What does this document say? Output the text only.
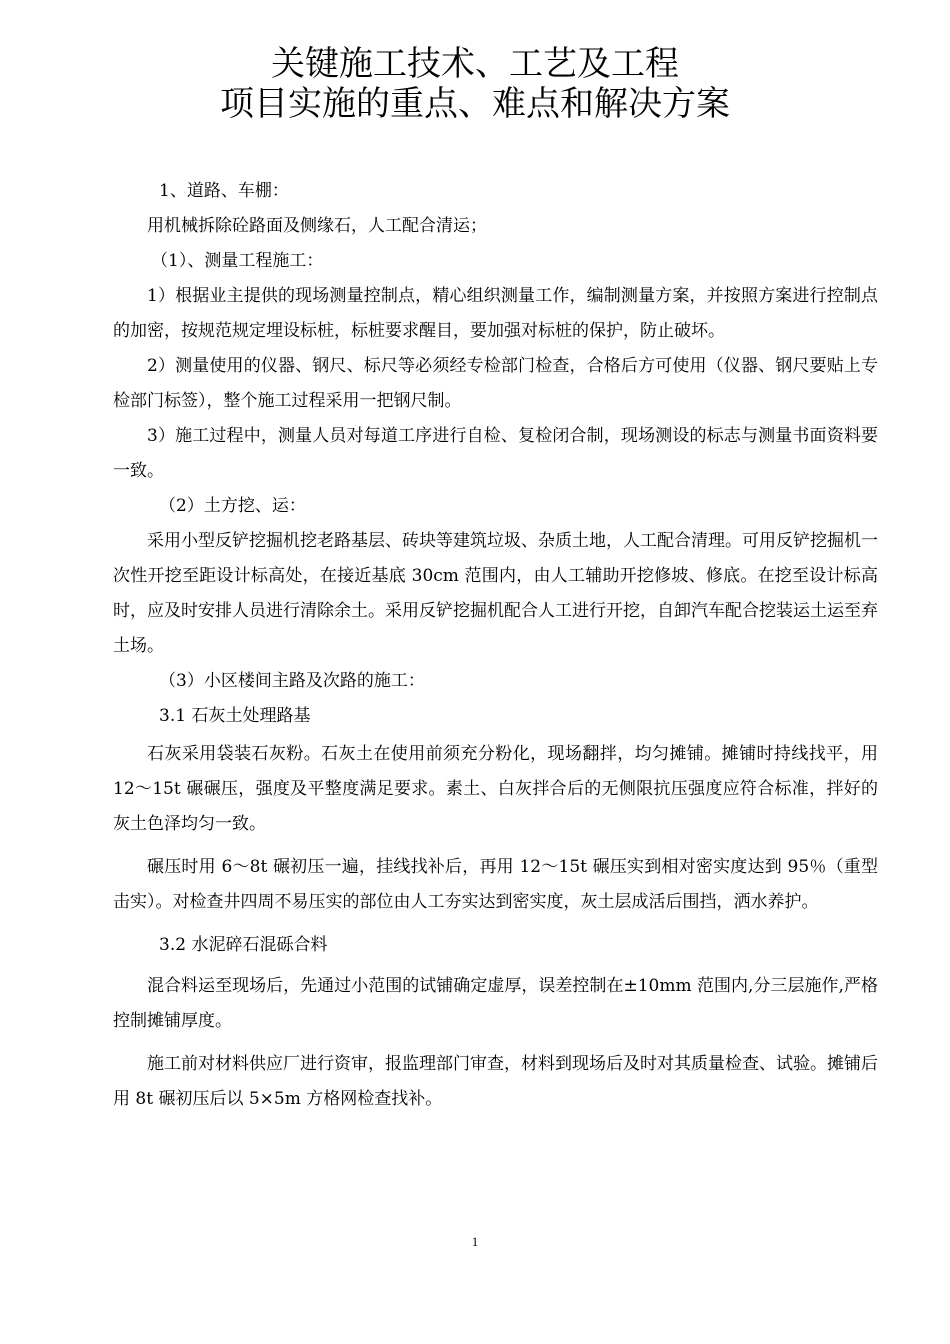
关键施工技术、工艺及工程
项目实施的重点、难点和解决方案

1、道路、车棚：

用机械拆除砼路面及侧缘石，人工配合清运；

（1）、测量工程施工：

1）根据业主提供的现场测量控制点，精心组织测量工作，编制测量方案，并按照方案进行控制点的加密，按规范规定埋设标桩，标桩要求醒目，要加强对标桩的保护，防止破坏。

2）测量使用的仪器、钢尺、标尺等必须经专检部门检查，合格后方可使用（仪器、钢尺要贴上专检部门标签），整个施工过程采用一把钢尺制。

3）施工过程中，测量人员对每道工序进行自检、复检闭合制，现场测设的标志与测量书面资料要一致。

（2）土方挖、运：

采用小型反铲挖掘机挖老路基层、砖块等建筑垃圾、杂质土地，人工配合清理。可用反铲挖掘机一次性开挖至距设计标高处，在接近基底 30cm 范围内，由人工辅助开挖修坡、修底。在挖至设计标高时，应及时安排人员进行清除余土。采用反铲挖掘机配合人工进行开挖，自卸汽车配合挖装运土运至弃土场。

（3）小区楼间主路及次路的施工：

3.1 石灰土处理路基

石灰采用袋装石灰粉。石灰土在使用前须充分粉化，现场翻拌，均匀摊铺。摊铺时持线找平，用 12～15t 碾碾压，强度及平整度满足要求。素土、白灰拌合后的无侧限抗压强度应符合标准，拌好的灰土色泽均匀一致。

碾压时用 6～8t 碾初压一遍，挂线找补后，再用 12～15t 碾压实到相对密实度达到 95％（重型击实）。对检查井四周不易压实的部位由人工夯实达到密实度，灰土层成活后围挡，洒水养护。

3.2 水泥碎石混砾合料

混合料运至现场后，先通过小范围的试铺确定虚厚，误差控制在±10mm 范围内,分三层施作,严格控制摊铺厚度。

施工前对材料供应厂进行资审，报监理部门审查，材料到现场后及时对其质量检查、试验。摊铺后用 8t 碾初压后以 5×5m 方格网检查找补。

1
